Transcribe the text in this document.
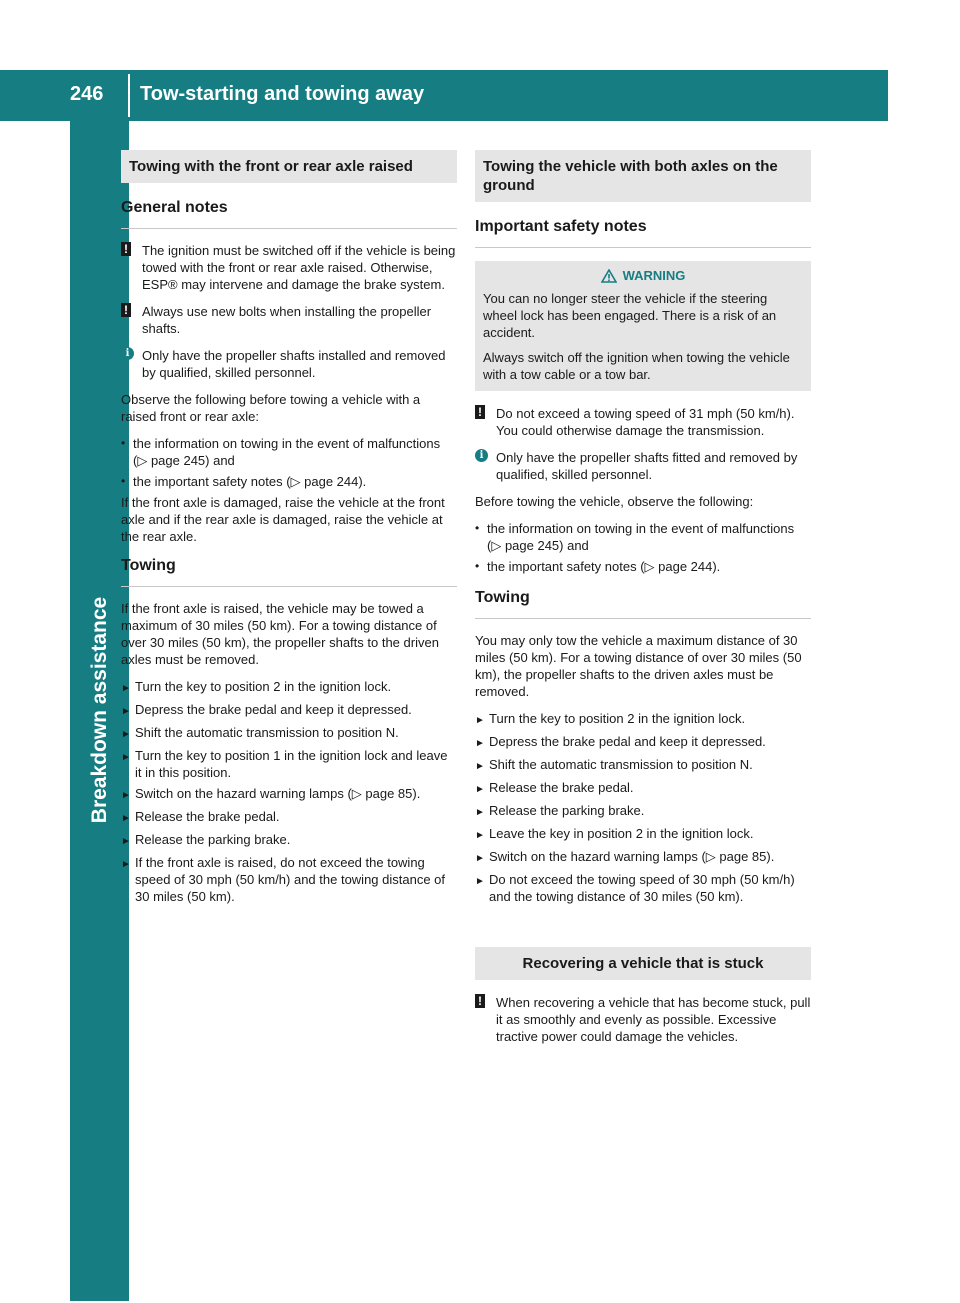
246 Tow-starting and towing away
Breakdown assistance
Towing with the front or rear axle raised
General notes
! The ignition must be switched off if the vehicle is being towed with the front or rear axle raised. Otherwise, ESP® may intervene and damage the brake system.
! Always use new bolts when installing the propeller shafts.
i Only have the propeller shafts installed and removed by qualified, skilled personnel.

Observe the following before towing a vehicle with a raised front or rear axle:

• the information on towing in the event of malfunctions (▷ page 245) and
• the important safety notes (▷ page 244).

If the front axle is damaged, raise the vehicle at the front axle and if the rear axle is damaged, raise the vehicle at the rear axle.

Towing

If the front axle is raised, the vehicle may be towed a maximum of 30 miles (50 km). For a towing distance of over 30 miles (50 km), the propeller shafts to the driven axles must be removed.

► Turn the key to position 2 in the ignition lock.
► Depress the brake pedal and keep it depressed.
► Shift the automatic transmission to position N.
► Turn the key to position 1 in the ignition lock and leave it in this position.
► Switch on the hazard warning lamps (▷ page 85).
► Release the brake pedal.
► Release the parking brake.
► If the front axle is raised, do not exceed the towing speed of 30 mph (50 km/h) and the towing distance of 30 miles (50 km).
Towing the vehicle with both axles on the ground
Important safety notes
WARNING

You can no longer steer the vehicle if the steering wheel lock has been engaged. There is a risk of an accident.

Always switch off the ignition when towing the vehicle with a tow cable or a tow bar.

! Do not exceed a towing speed of 31 mph (50 km/h). You could otherwise damage the transmission.
i Only have the propeller shafts fitted and removed by qualified, skilled personnel.

Before towing the vehicle, observe the following:

• the information on towing in the event of malfunctions (▷ page 245) and
• the important safety notes (▷ page 244).
Towing

You may only tow the vehicle a maximum distance of 30 miles (50 km). For a towing distance of over 30 miles (50 km), the propeller shafts to the driven axles must be removed.

► Turn the key to position 2 in the ignition lock.
► Depress the brake pedal and keep it depressed.
► Shift the automatic transmission to position N.
► Release the brake pedal.
► Release the parking brake.
► Leave the key in position 2 in the ignition lock.
► Switch on the hazard warning lamps (▷ page 85).
► Do not exceed the towing speed of 30 mph (50 km/h) and the towing distance of 30 miles (50 km).
Recovering a vehicle that is stuck
! When recovering a vehicle that has become stuck, pull it as smoothly and evenly as possible. Excessive tractive power could damage the vehicles.
